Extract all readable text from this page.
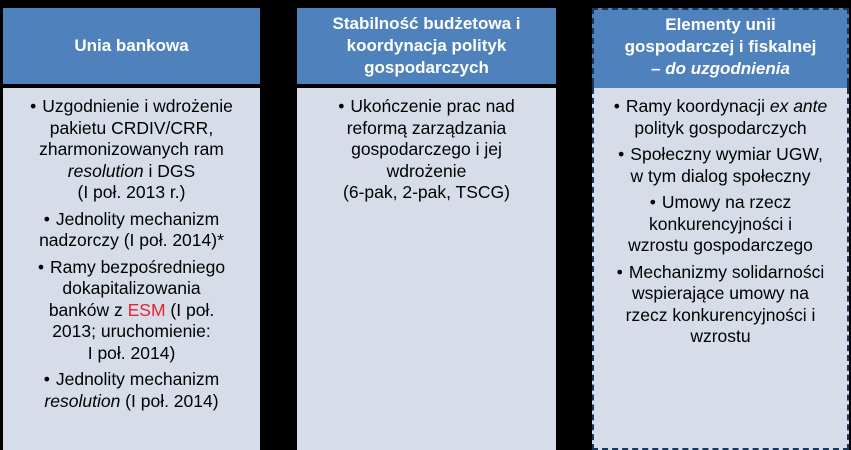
Unia bankowa
• Uzgodnienie i wdrożenie
pakietu CRDIV/CRR,
zharmonizowanych ram
resolution i DGS
(I poł. 2013 r.)
• Jednolity mechanizm
nadzorczy (I poł. 2014)*
• Ramy bezpośredniego
dokapitalizowania
banków z ESM (I poł.
2013; uruchomienie:
I poł. 2014)
• Jednolity mechanizm
resolution (I poł. 2014)
Stabilność budżetowa i
koordynacja polityk
gospodarczych
• Ukończenie prac nad
reformą zarządzania
gospodarczego i jej
wdrożenie
(6-pak, 2-pak, TSCG)
Elementy unii
gospodarczej i fiskalnej
– do uzgodnienia
• Ramy koordynacji ex ante
polityk gospodarczych
• Społeczny wymiar UGW,
w tym dialog społeczny
• Umowy na rzecz
konkurencyjności i
wzrostu gospodarczego
• Mechanizmy solidarności
wspierające umowy na
rzecz konkurencyjności i
wzrostu
